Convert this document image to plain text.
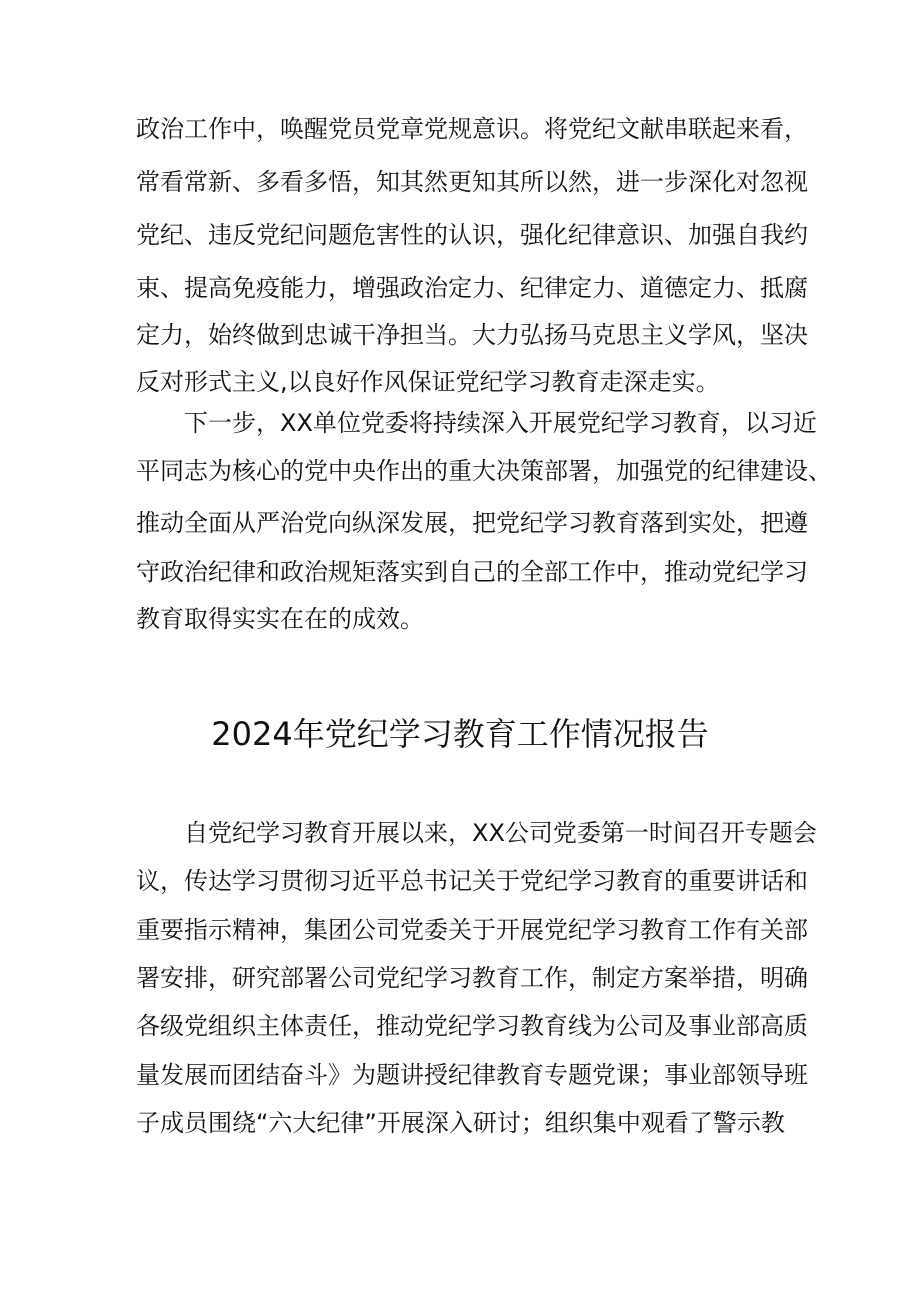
政治工作中，唤醒党员党章党规意识。将党纪文献串联起来看，
常看常新、多看多悟，知其然更知其所以然，进一步深化对忽视
党纪、违反党纪问题危害性的认识，强化纪律意识、加强自我约
束、提高免疫能力，增强政治定力、纪律定力、道德定力、抵腐
定力，始终做到忠诚干净担当。大力弘扬马克思主义学风，坚决
反对形式主义,以良好作风保证党纪学习教育走深走实。
下一步，XX单位党委将持续深入开展党纪学习教育，以习近
平同志为核心的党中央作出的重大决策部署，加强党的纪律建设、
推动全面从严治党向纵深发展，把党纪学习教育落到实处，把遵
守政治纪律和政治规矩落实到自己的全部工作中，推动党纪学习
教育取得实实在在的成效。
2024年党纪学习教育工作情况报告
自党纪学习教育开展以来，XX公司党委第一时间召开专题会
议，传达学习贯彻习近平总书记关于党纪学习教育的重要讲话和
重要指示精神，集团公司党委关于开展党纪学习教育工作有关部
署安排，研究部署公司党纪学习教育工作，制定方案举措，明确
各级党组织主体责任，推动党纪学习教育线为公司及事业部高质
量发展而团结奋斗》为题讲授纪律教育专题党课；事业部领导班
子成员围绕“六大纪律”开展深入研讨；组织集中观看了警示教
